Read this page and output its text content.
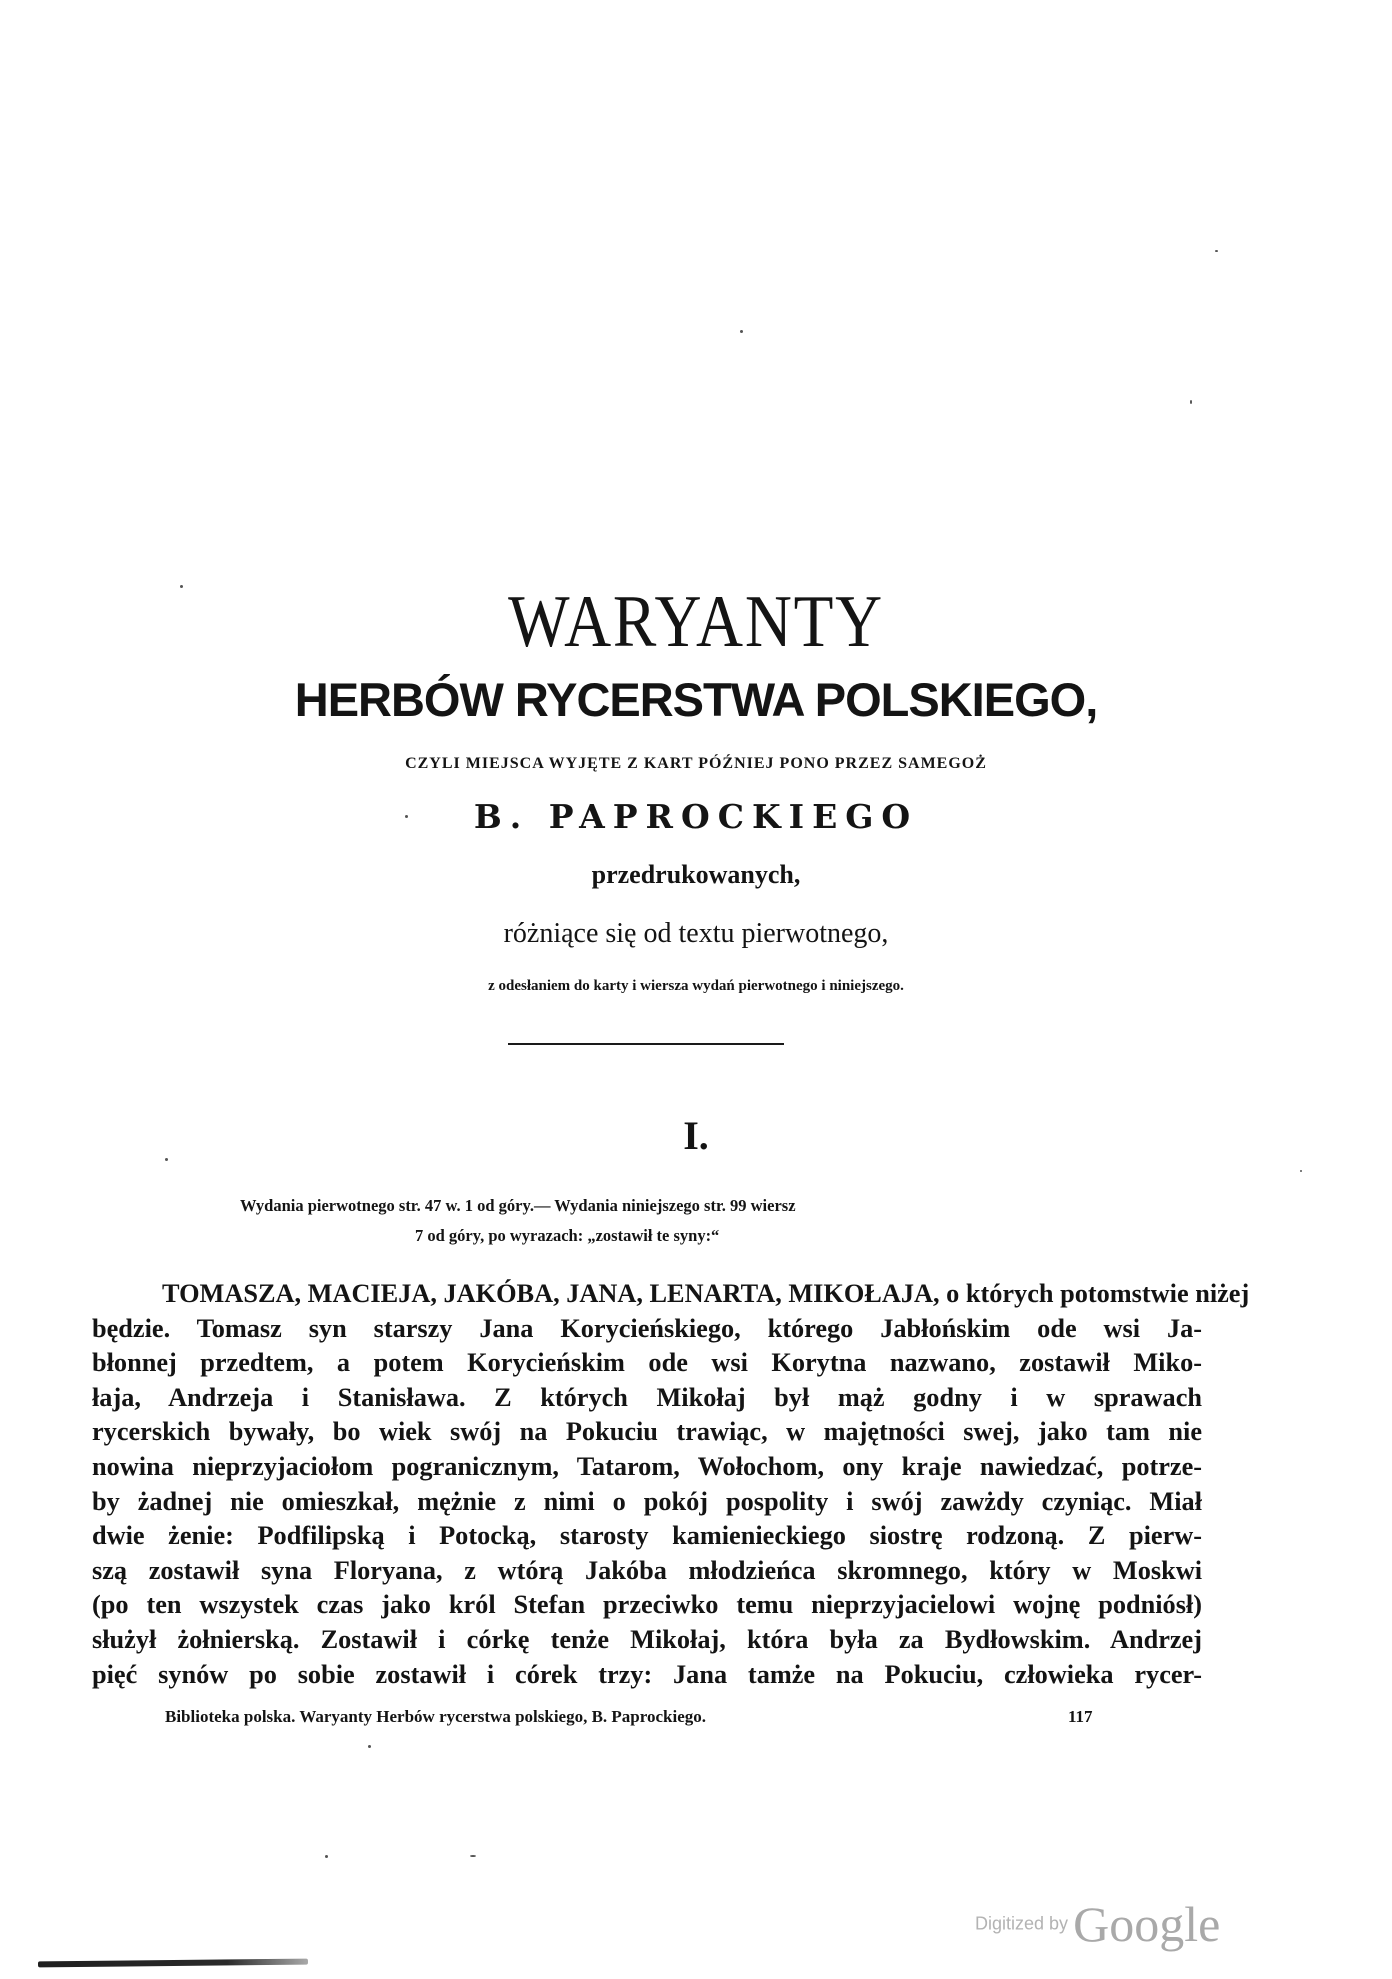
WARYANTY
HERBÓW RYCERSTWA POLSKIEGO,
CZYLI MIEJSCA WYJĘTE Z KART PÓŹNIEJ PONO PRZEZ SAMEGOŻ
B. PAPROCKIEGO
przedrukowanych,
różniące się od textu pierwotnego,
z odesłaniem do karty i wiersza wydań pierwotnego i niniejszego.
I.
Wydania pierwotnego str. 47 w. 1 od góry.— Wydania niniejszego str. 99 wiersz
7 od góry, po wyrazach: „zostawił te syny:“
TOMASZA, MACIEJA, JAKÓBA, JANA, LENARTA, MIKOŁAJA, o których potomstwie niżej
będzie. Tomasz syn starszy Jana Korycieńskiego, którego Jabłońskim ode wsi Ja-
błonnej przedtem, a potem Korycieńskim ode wsi Korytna nazwano, zostawił Miko-
łaja, Andrzeja i Stanisława. Z których Mikołaj był mąż godny i w sprawach
rycerskich bywały, bo wiek swój na Pokuciu trawiąc, w majętności swej, jako tam nie
nowina nieprzyjaciołom pogranicznym, Tatarom, Wołochom, ony kraje nawiedzać, potrze-
by żadnej nie omieszkał, mężnie z nimi o pokój pospolity i swój zawżdy czyniąc. Miał
dwie żenie: Podfilipską i Potocką, starosty kamienieckiego siostrę rodzoną. Z pierw-
szą zostawił syna Floryana, z wtórą Jakóba młodzieńca skromnego, który w Moskwi
(po ten wszystek czas jako król Stefan przeciwko temu nieprzyjacielowi wojnę podniósł)
służył żołnierską. Zostawił i córkę tenże Mikołaj, która była za Bydłowskim. Andrzej
pięć synów po sobie zostawił i córek trzy: Jana tamże na Pokuciu, człowieka rycer-
Biblioteka polska. Waryanty Herbów rycerstwa polskiego, B. Paprockiego.	117
Digitized by Google
